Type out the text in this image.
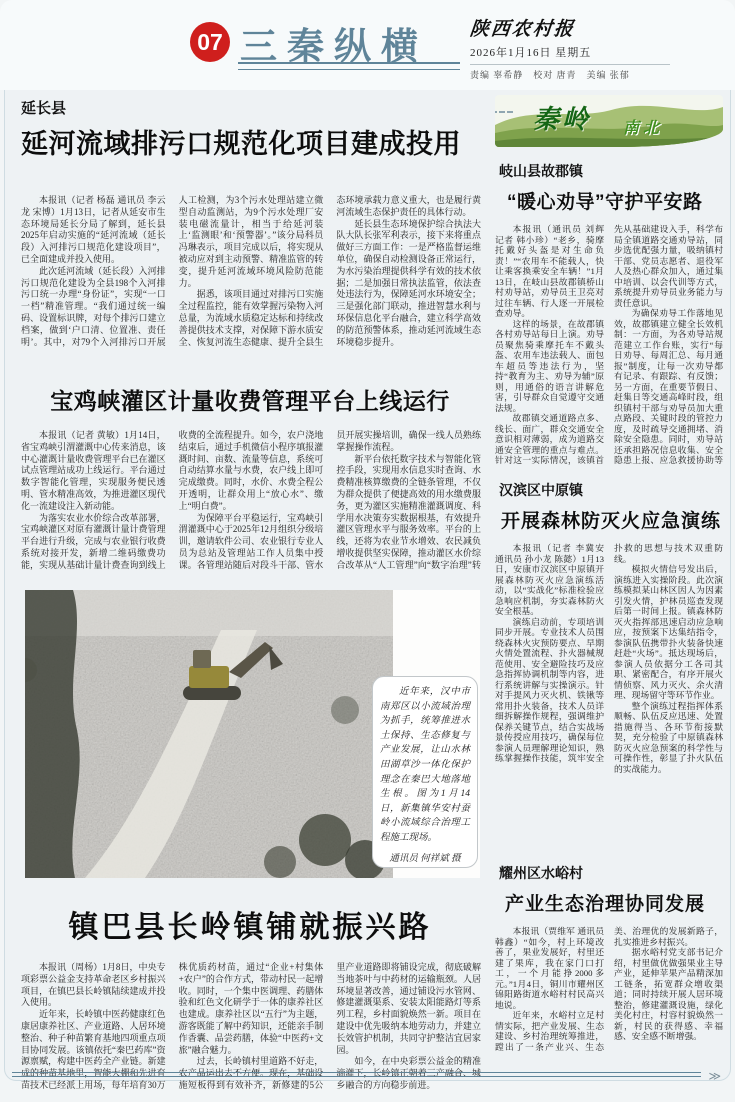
07 三秦纵横	陕西农村报
2026年1月16日 星期五
责编 辜希静　校对 唐青　美编 张郁
延长县
延河流域排污口规范化项目建成投用

本报讯（记者 杨磊 通讯员 李云龙 宋博）1月13日，记者从延安市生态环境局延长分局了解到，延长县2025年启动实施的“延河流域（延长段）入河排污口规范化建设项目”，已全面建成并投入使用。

此次延河流域（延长段）入河排污口规范化建设为全县198个入河排污口统一办理“身份证”，实现“一口一档”精准管理。“我们通过统一编码、设置标识牌，对每个排污口建立档案，做到‘户口清、位置准、责任明’。其中，对79个入河排污口开展人工检测，为3个污水处理站建立微型自动监测站，为9个污水处理厂安装电磁流量计，相当于给延河装上‘监测眼’和‘预警器’。”该分局科员冯琳表示，项目完成以后，将实现从被动应对到主动预警、精准监管的转变，提升延河流域环境风险防范能力。

据悉，该项目通过对排污口实施全过程监控，能有效掌握污染物入河总量，为流域水质稳定达标和持续改善提供技术支撑，对保障下游水质安全、恢复河流生态健康、提升全县生态环境承载力意义重大，也是履行黄河流域生态保护责任的具体行动。

延长县生态环境保护综合执法大队大队长张军利表示，接下来将重点做好三方面工作：一是严格监督运维单位，确保自动检测设备正常运行，为水污染治理提供科学有效的技术依据；二是加强日常执法监管，依法查处违法行为，保障延河水环境安全；三是强化部门联动，推进智慧水利与环保信息化平台融合，建立科学高效的防范预警体系，推动延河流域生态环境稳步提升。

宝鸡峡灌区计量收费管理平台上线运行

本报讯（记者 黄敏）1月14日，省宝鸡峡引渭灌溉中心传来消息，该中心灌溉计量收费管理平台已在灌区试点管理站成功上线运行。平台通过数字智能化管理，实现服务便民透明、管水精准高效，为推进灌区现代化一流建设注入新动能。

为落实农业水价综合改革部署，宝鸡峡灌区对原有灌溉计量计费管理平台进行升级，完成与农业银行收费系统对接开发，新增二维码缴费功能，实现从基础计量计费查询到线上收费的全流程提升。如今，农户浇地结束后，通过手机微信小程序填报灌溉时间、亩数、流量等信息，系统可自动结算水量与水费，农户线上即可完成缴费。同时，水价、水费全程公开透明，让群众用上“放心水”、缴上“明白费”。

为保障平台平稳运行，宝鸡峡引渭灌溉中心于2025年12月组织分级培训，邀请软件公司、农业银行专业人员为总站及管理站工作人员集中授课。各管理站随后对段斗干部、管水员开展实操培训，确保一线人员熟练掌握操作流程。

新平台依托数字技术与智能化管控手段，实现用水信息实时查询、水费精准核算缴费的全链条管理，不仅为群众提供了便捷高效的用水缴费服务，更为灌区实施精准灌溉调度、科学用水决策夯实数据根基，有效提升灌区管理水平与服务效率。平台的上线，还将为农业节水增效、农民减负增收提供坚实保障，推动灌区水价综合改革从“人工管理”向“数字治理”转

近年来，汉中市南郑区以小流域治理为抓手，统筹推进水土保持、生态修复与产业发展，让山水林田湖草沙一体化保护理念在秦巴大地落地生根。图为1月14日，新集镇华安村蚕岭小流域综合治理工程施工现场。

通讯员 何祥斌 摄
镇巴县长岭镇铺就振兴路

本报讯（周杨）1月8日，中央专项彩票公益金支持革命老区乡村振兴项目，在镇巴县长岭镇陆续建成并投入使用。

近年来，长岭镇中医药健康红色康居康养社区、产业道路、人居环境整治、种子种苗繁育基地四项重点项目协同发展。该镇依托“秦巴药库”资源禀赋，构建中医药全产业链。新建成的种苗基地里，智能大棚和先进育苗技术已经派上用场，每年培育30万株优质药材苗，通过“企业+村集体+农户”的合作方式，带动村民一起增收。同时，一个集中医调理、药膳体验和红色文化研学于一体的康养社区也建成。康养社区以“五行”为主题，游客既能了解中药知识，还能亲手制作香囊、品尝药膳，体验“中医药+文旅”融合魅力。

过去，长岭镇村里道路不好走，农产品运出去不方便。现在，基础设施短板得到有效补齐，新修建的5公里产业道路即将铺设完成，彻底破解当地茶叶与中药材的运输瓶颈。人居环境显著改善，通过铺设污水管网、修建灌溉渠系、安装太阳能路灯等系列工程，乡村面貌焕然一新。项目在建设中优先吸纳本地劳动力，并建立长效管护机制，共同守护整洁宜居家园。

如今，在中央彩票公益金的精准滴灌下，长岭镇正朝着三产融合、城乡融合的方向稳步前进。

秦岭 南北
岐山县故郡镇
“暖心劝导”守护平安路

本报讯（通讯员 刘辉 记者 韩小珍）“老乡，骑摩托戴好头盔是对生命负责！”“农用车不能载人，快让乘客换乘安全车辆！”1月13日，在岐山县故郡镇桥山村劝导站，劝导员王卫亮对过往车辆、行人逐一开展检查劝导。

这样的场景，在故郡镇各村劝导站每日上演。劝导员聚焦骑乘摩托车不戴头盔、农用车违法载人、面包车超员等违法行为，坚持“教育为主、劝导为辅”原则，用通俗的语言讲解危害，引导群众自觉遵守交通法规。

故郡镇交通道路点多、线长、面广，群众交通安全意识相对薄弱，成为道路交通安全管理的重点与难点。针对这一实际情况，该镇首先从基础建设入手，科学布局全镇道路交通劝导站，同步选优配强力量，吸纳镇村干部、党员志愿者、退役军人及热心群众加入，通过集中培训、以会代训等方式，系统提升劝导员业务能力与责任意识。

为确保劝导工作落地见效，故郡镇建立健全长效机制：一方面，为各劝导站规范建立工作台账，实行“每日劝导、每周汇总、每月通报”制度，让每一次劝导都有记录、有跟踪、有反馈；另一方面，在重要节假日、赶集日等交通高峰时段，组织镇村干部与劝导员加大重点路段、关键时段的管控力度，及时疏导交通拥堵、消除安全隐患。同时，劝导站还承担路况信息收集、安全隐患上报、应急救援协助等

汉滨区中原镇
开展森林防灭火应急演练

本报讯（记者 李冀安 通讯员 孙小龙 陈懿）1月13日，安康市汉滨区中原镇开展森林防灭火应急演练活动，以“实战化”标准检验应急响应机制，夯实森林防火安全根基。

演练启动前，专项培训同步开展。专业技术人员围绕森林火灾预防要点、早期火情处置流程、扑火器械规范使用、安全避险技巧及应急指挥协调机制等内容，进行系统讲解与实操演示。针对手提风力灭火机、铁锹等常用扑火装备，技术人员详细拆解操作规程，强调维护保养关键节点，结合实战场景传授应用技巧，确保每位参演人员理解理论知识，熟练掌握操作技能，筑牢安全扑救的思想与技术双重防线。

模拟火情信号发出后，演练进入实操阶段。此次演练模拟某山林区因人为因素引发火情，护林员巡查发现后第一时间上报。镇森林防灭火指挥部迅速启动应急响应，按预案下达集结指令，参演队伍携带扑火装备快速赶赴“火场”。抵达现场后，参演人员依据分工各司其职、紧密配合，有序开展火情侦察、风力灭火、余火清理、现场留守等环节作业。

整个演练过程指挥体系顺畅、队伍反应迅速、处置措施得当、各环节衔接默契，充分检验了中原镇森林防灭火应急预案的科学性与可操作性，彰显了扑火队伍的实战能力。

耀州区水峪村
产业生态治理协同发展

本报讯（贾维军 通讯员 韩鑫）“如今，村上环境改善了，果业发展好，村里还建了果库，我在家门口打工，一个月能挣2000多元。”1月4日，铜川市耀州区锦阳路街道水峪村村民高兴地说。

近年来，水峪村立足村情实际，把产业发展、生态建设、乡村治理统筹推进，蹚出了一条产业兴、生态美、治理优的发展新路子，扎实推进乡村振兴。

据水峪村党支部书记介绍，村里做优做强果业主导产业，延伸苹果产品精深加工链条，拓宽群众增收渠道；同时持续开展人居环境整治，修建灌溉设施，绿化美化村庄，村容村貌焕然一新，村民的获得感、幸福感、安全感不断增强。

≫
